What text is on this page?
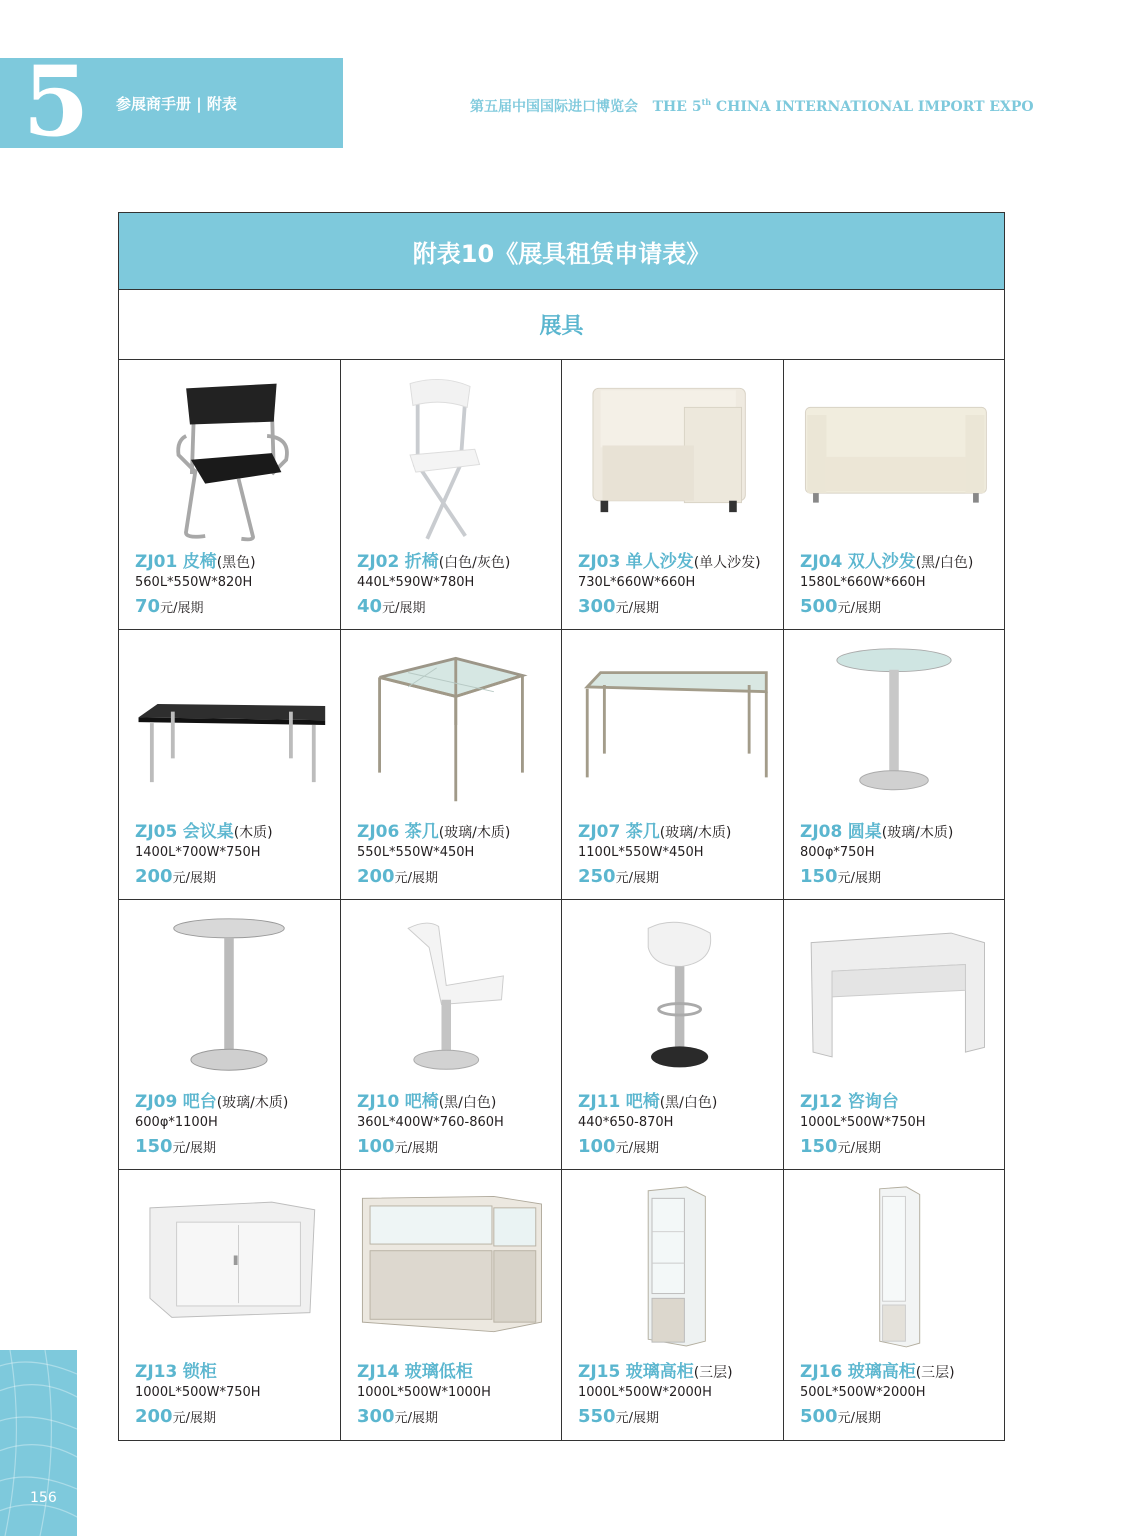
5	参展商手册 | 附表	第五届中国国际进口博览会 THE 5th CHINA INTERNATIONAL IMPORT EXPO
附表10《展具租赁申请表》
展具
ZJ01 皮椅(黑色)
560L*550W*820H
70元/展期
ZJ02 折椅(白色/灰色)
440L*590W*780H
40元/展期
ZJ03 单人沙发(单人沙发)
730L*660W*660H
300元/展期
ZJ04 双人沙发(黑/白色)
1580L*660W*660H
500元/展期
ZJ05 会议桌(木质)
1400L*700W*750H
200元/展期
ZJ06 茶几(玻璃/木质)
550L*550W*450H
200元/展期
ZJ07 茶几(玻璃/木质)
1100L*550W*450H
250元/展期
ZJ08 圆桌(玻璃/木质)
800φ*750H
150元/展期
ZJ09 吧台(玻璃/木质)
600φ*1100H
150元/展期
ZJ10 吧椅(黑/白色)
360L*400W*760-860H
100元/展期
ZJ11 吧椅(黑/白色)
440*650-870H
100元/展期
ZJ12 咨询台
1000L*500W*750H
150元/展期
ZJ13 锁柜
1000L*500W*750H
200元/展期
ZJ14 玻璃低柜
1000L*500W*1000H
300元/展期
ZJ15 玻璃高柜(三层)
1000L*500W*2000H
550元/展期
ZJ16 玻璃高柜(三层)
500L*500W*2000H
500元/展期
156
